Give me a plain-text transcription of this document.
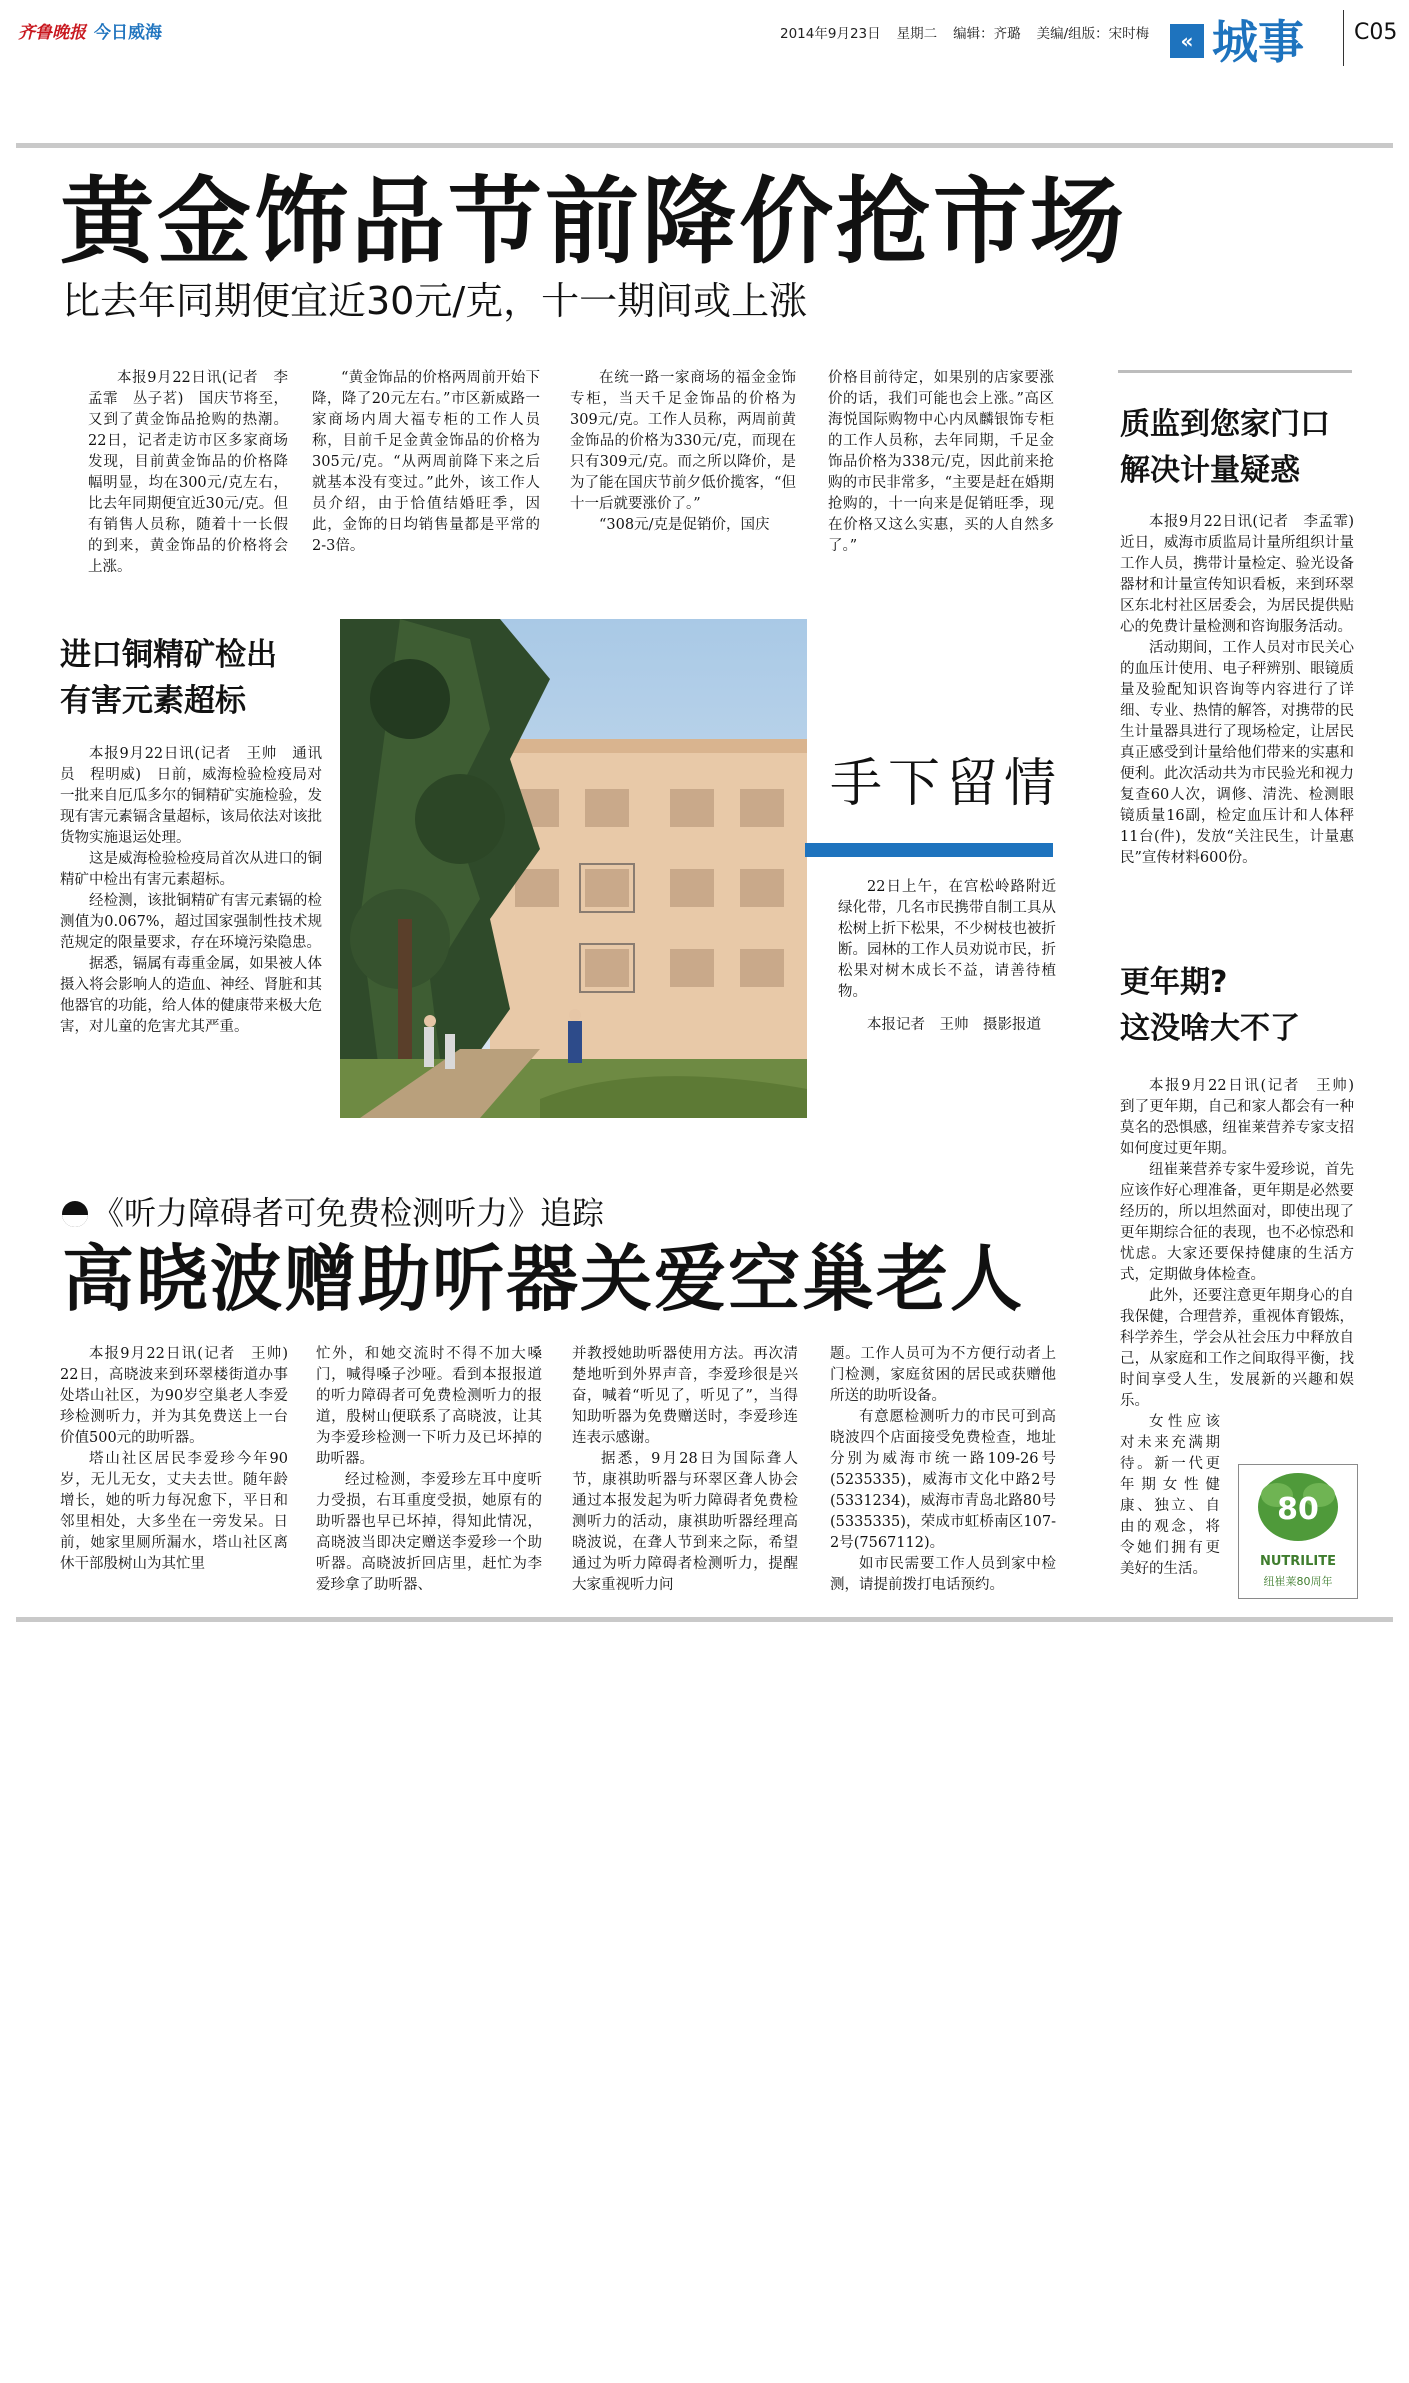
齐鲁晚报 今日威海	2014年9月23日 星期二 编辑：齐璐 美编/组版：宋时梅	« 城事 C05
黄金饰品节前降价抢市场
比去年同期便宜近30元/克，十一期间或上涨

本报9月22日讯(记者　李孟霏　丛子茗)　国庆节将至，又到了黄金饰品抢购的热潮。22日，记者走访市区多家商场发现，目前黄金饰品的价格降幅明显，均在300元/克左右，比去年同期便宜近30元/克。但有销售人员称，随着十一长假的到来，黄金饰品的价格将会上涨。

“黄金饰品的价格两周前开始下降，降了20元左右。”市区新威路一家商场内周大福专柜的工作人员称，目前千足金黄金饰品的价格为305元/克。“从两周前降下来之后就基本没有变过。”此外，该工作人员介绍，由于恰值结婚旺季，因此，金饰的日均销售量都是平常的2-3倍。

在统一路一家商场的福金金饰专柜，当天千足金饰品的价格为309元/克。工作人员称，两周前黄金饰品的价格为330元/克，而现在只有309元/克。而之所以降价，是为了能在国庆节前夕低价揽客，“但十一后就要涨价了。”

“308元/克是促销价，国庆

价格目前待定，如果别的店家要涨价的话，我们可能也会上涨。”高区海悦国际购物中心内凤麟银饰专柜的工作人员称，去年同期，千足金饰品价格为338元/克，因此前来抢购的市民非常多，“主要是赶在婚期抢购的，十一向来是促销旺季，现在价格又这么实惠，买的人自然多了。”

进口铜精矿检出
有害元素超标

本报9月22日讯(记者　王帅　通讯员　程明威)　日前，威海检验检疫局对一批来自厄瓜多尔的铜精矿实施检验，发现有害元素镉含量超标，该局依法对该批货物实施退运处理。

这是威海检验检疫局首次从进口的铜精矿中检出有害元素超标。

经检测，该批铜精矿有害元素镉的检测值为0.067%，超过国家强制性技术规范规定的限量要求，存在环境污染隐患。

据悉，镉属有毒重金属，如果被人体摄入将会影响人的造血、神经、肾脏和其他器官的功能，给人体的健康带来极大危害，对儿童的危害尤其严重。

手下留情

22日上午，在宫松岭路附近绿化带，几名市民携带自制工具从松树上折下松果，不少树枝也被折断。园林的工作人员劝说市民，折松果对树木成长不益，请善待植物。

本报记者　王帅　摄影报道

质监到您家门口
解决计量疑惑

本报9月22日讯(记者　李孟霏)　近日，威海市质监局计量所组织计量工作人员，携带计量检定、验光设备器材和计量宣传知识看板，来到环翠区东北村社区居委会，为居民提供贴心的免费计量检测和咨询服务活动。

活动期间，工作人员对市民关心的血压计使用、电子秤辨别、眼镜质量及验配知识咨询等内容进行了详细、专业、热情的解答，对携带的民生计量器具进行了现场检定，让居民真正感受到计量给他们带来的实惠和便利。此次活动共为市民验光和视力复查60人次，调修、清洗、检测眼镜质量16副，检定血压计和人体秤11台(件)，发放“关注民生，计量惠民”宣传材料600份。

更年期?
这没啥大不了

本报9月22日讯(记者　王帅)　到了更年期，自己和家人都会有一种莫名的恐惧感，纽崔莱营养专家支招如何度过更年期。

纽崔莱营养专家牛爱珍说，首先应该作好心理准备，更年期是必然要经历的，所以坦然面对，即使出现了更年期综合征的表现，也不必惊恐和忧虑。大家还要保持健康的生活方式，定期做身体检查。

此外，还要注意更年期身心的自我保健，合理营养，重视体育锻炼，科学养生，学会从社会压力中释放自己，从家庭和工作之间取得平衡，找时间享受人生，发展新的兴趣和娱乐。

女性应该对未来充满期待。新一代更年期女性健康、独立、自由的观念，将令她们拥有更美好的生活。

80
NUTRILITE
纽崔莱80周年
《听力障碍者可免费检测听力》追踪
高晓波赠助听器关爱空巢老人

本报9月22日讯(记者　王帅)　22日，高晓波来到环翠楼街道办事处塔山社区，为90岁空巢老人李爱珍检测听力，并为其免费送上一台价值500元的助听器。

塔山社区居民李爱珍今年90岁，无儿无女，丈夫去世。随年龄增长，她的听力每况愈下，平日和邻里相处，大多坐在一旁发呆。日前，她家里厕所漏水，塔山社区离休干部殷树山为其忙里

忙外，和她交流时不得不加大嗓门，喊得嗓子沙哑。看到本报报道的听力障碍者可免费检测听力的报道，殷树山便联系了高晓波，让其为李爱珍检测一下听力及已坏掉的助听器。

经过检测，李爱珍左耳中度听力受损，右耳重度受损，她原有的助听器也早已坏掉，得知此情况，高晓波当即决定赠送李爱珍一个助听器。高晓波折回店里，赶忙为李爱珍拿了助听器、

并教授她助听器使用方法。再次清楚地听到外界声音，李爱珍很是兴奋，喊着“听见了，听见了”，当得知助听器为免费赠送时，李爱珍连连表示感谢。

据悉，9月28日为国际聋人节，康祺助听器与环翠区聋人协会通过本报发起为听力障碍者免费检测听力的活动，康祺助听器经理高晓波说，在聋人节到来之际，希望通过为听力障碍者检测听力，提醒大家重视听力问

题。工作人员可为不方便行动者上门检测，家庭贫困的居民或获赠他所送的助听设备。

有意愿检测听力的市民可到高晓波四个店面接受免费检查，地址分别为威海市统一路109-26号(5235335)，威海市文化中路2号(5331234)，威海市青岛北路80号(5335335)，荣成市虹桥南区107-2号(7567112)。

如市民需要工作人员到家中检测，请提前拨打电话预约。
